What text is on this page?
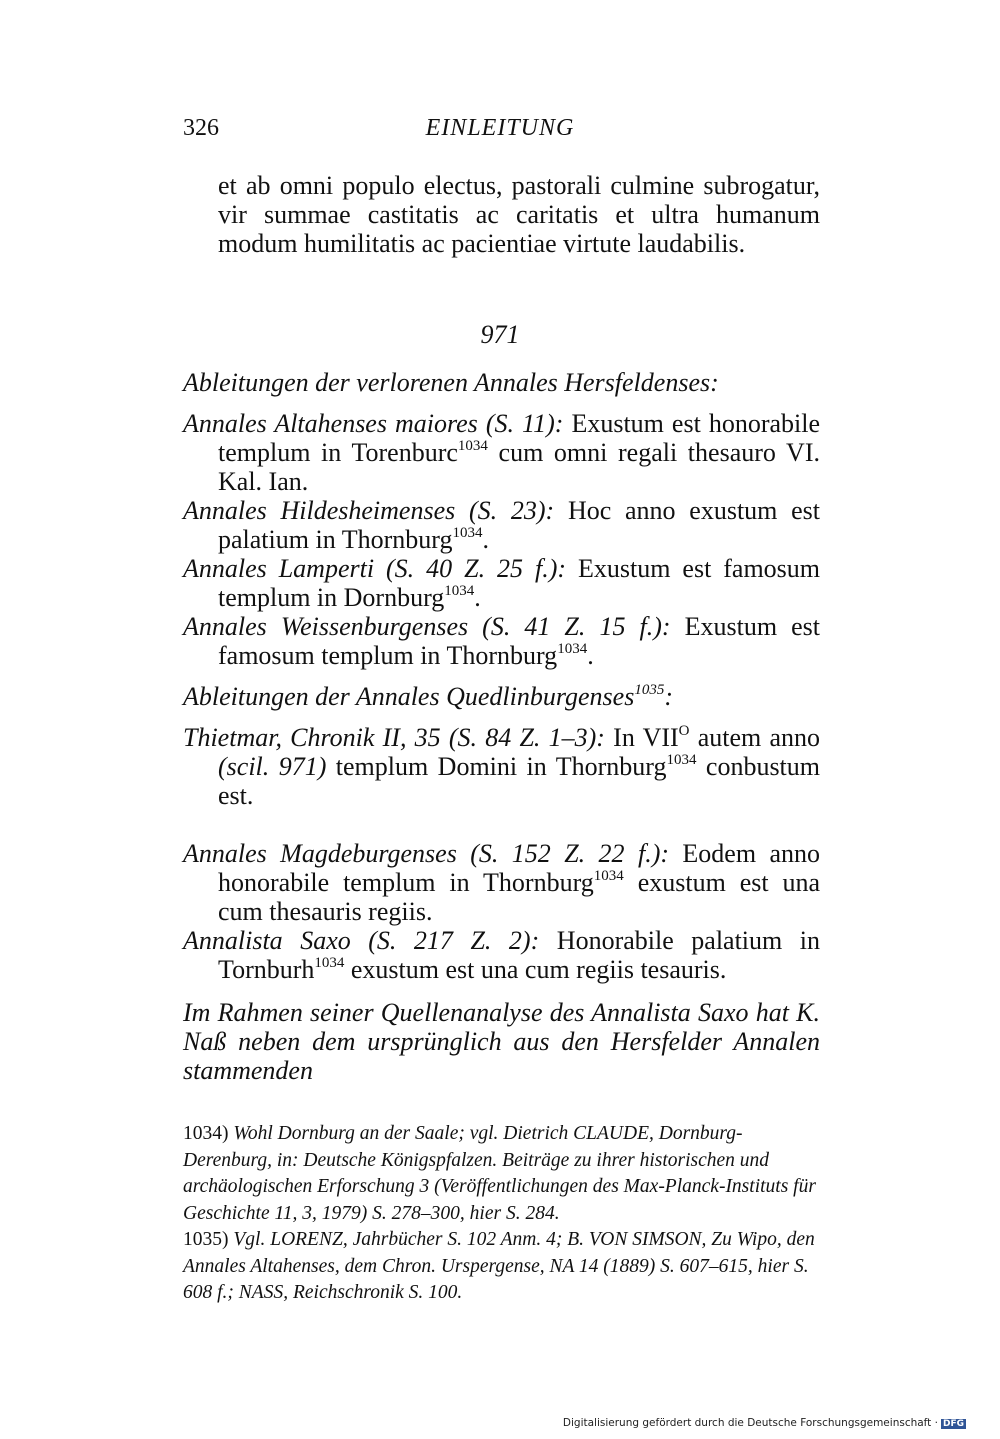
326	EINLEITUNG

et ab omni populo electus, pastorali culmine subrogatur, vir summae castitatis ac caritatis et ultra humanum modum humilitatis ac pacientiae virtute laudabilis.

971
Ableitungen der verlorenen Annales Hersfeldenses:
Annales Altahenses maiores (S. 11): Exustum est honorabile templum in Torenburc$^{1034}$ cum omni regali thesauro VI. Kal. Ian.
Annales Hildesheimenses (S. 23): Hoc anno exustum est palatium in Thornburg$^{1034}$.
Annales Lamperti (S. 40 Z. 25 f.): Exustum est famosum templum in Dornburg$^{1034}$.
Annales Weissenburgenses (S. 41 Z. 15 f.): Exustum est famosum templum in Thornburg$^{1034}$.
Ableitungen der Annales Quedlinburgenses$^{1035}$:
Thietmar, Chronik II, 35 (S. 84 Z. 1–3): In $VII^O$ autem anno (scil. 971) templum Domini in Thornburg$^{1034}$ conbustum est.
Annales Magdeburgenses (S. 152 Z. 22 f.): Eodem anno honorabile templum in Thornburg$^{1034}$ exustum est una cum thesauris regiis.
Annalista Saxo (S. 217 Z. 2): Honorabile palatium in Tornburh$^{1034}$ exustum est una cum regiis tesauris.
Im Rahmen seiner Quellenanalyse des Annalista Saxo hat K. Naß neben dem ursprünglich aus den Hersfelder Annalen stammenden
1034) Wohl Dornburg an der Saale; vgl. Dietrich CLAUDE, Dornburg-Derenburg, in: Deutsche Königspfalzen. Beiträge zu ihrer historischen und archäologischen Erforschung 3 (Veröffentlichungen des Max-Planck-Instituts für Geschichte 11, 3, 1979) S. 278–300, hier S. 284.
1035) Vgl. LORENZ, Jahrbücher S. 102 Anm. 4; B. VON SIMSON, Zu Wipo, den Annales Altahenses, dem Chron. Urspergense, NA 14 (1889) S. 607–615, hier S. 608 f.; NASS, Reichschronik S. 100.
Digitalisierung gefördert durch die Deutsche Forschungsgemeinschaft · DFG
